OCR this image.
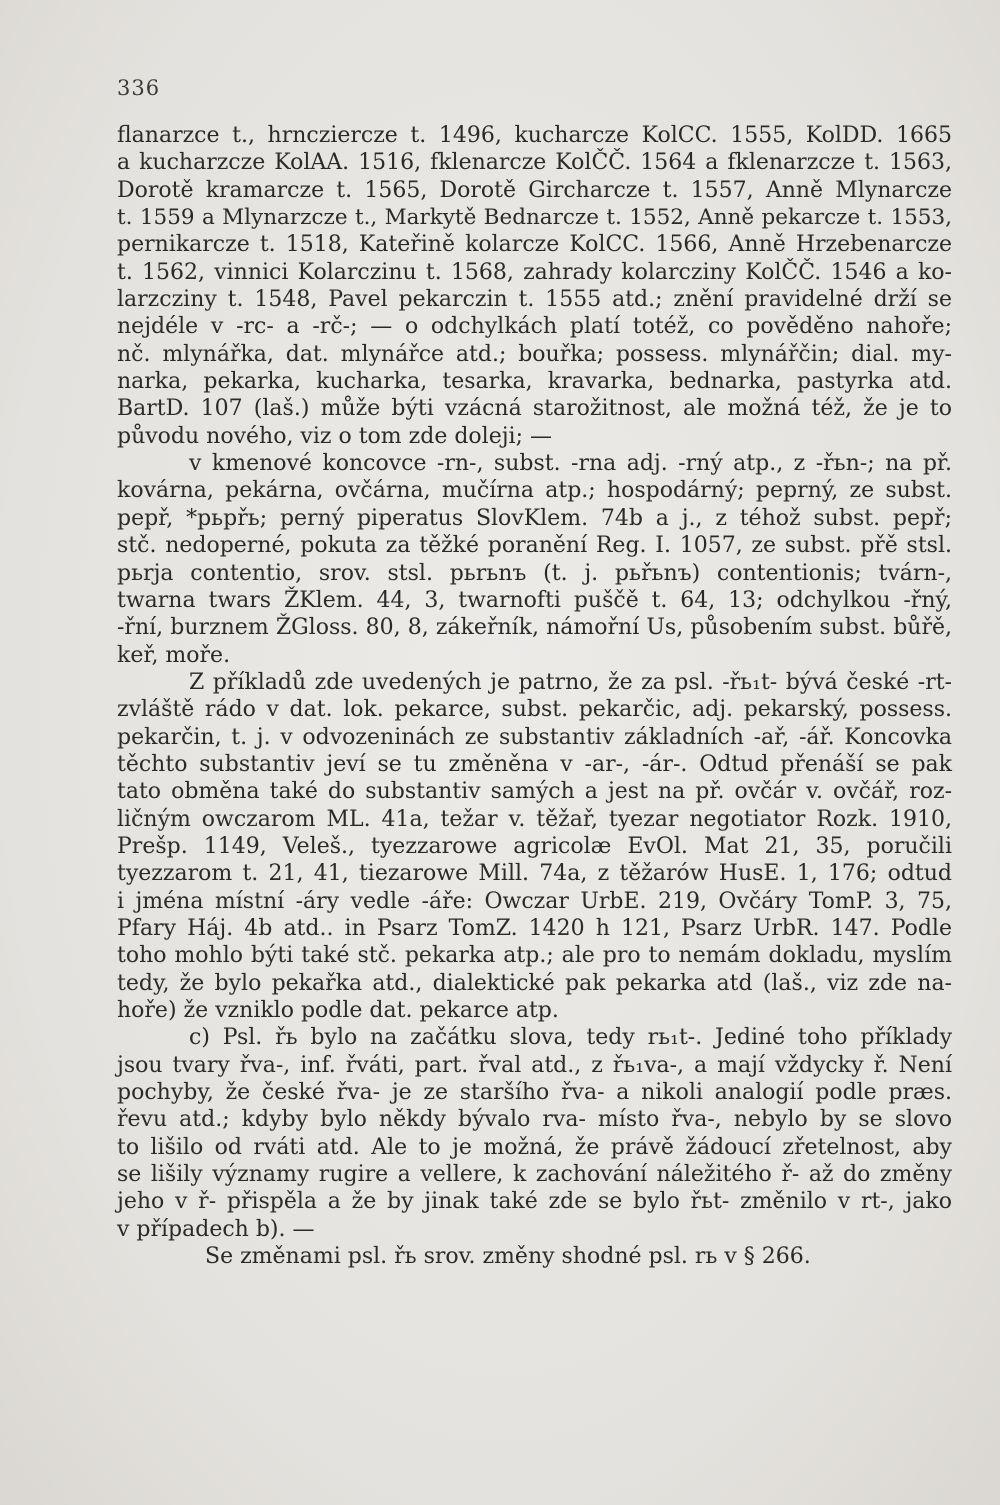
336
flanarzce t., hrncziercze t. 1496, kucharcze KolCC. 1555, KolDD. 1665
a kucharzcze KolAA. 1516, fklenarcze KolČČ. 1564 a fklenarzcze t. 1563,
Dorotě kramarcze t. 1565, Dorotě Gircharcze t. 1557, Anně Mlynarcze
t. 1559 a Mlynarzcze t., Markytě Bednarcze t. 1552, Anně pekarcze t. 1553,
pernikarcze t. 1518, Kateřině kolarcze KolCC. 1566, Anně Hrzebenarcze
t. 1562, vinnici Kolarczinu t. 1568, zahrady kolarcziny KolČČ. 1546 a ko-
larzcziny t. 1548, Pavel pekarczin t. 1555 atd.; znění pravidelné drží se
nejdéle v -rc- a -rč-; — o odchylkách platí totéž, co pověděno nahoře;
nč. mlynářka, dat. mlynářce atd.; bouřka; possess. mlynářčin; dial. my-
narka, pekarka, kucharka, tesarka, kravarka, bednarka, pastyrka atd.
BartD. 107 (laš.) může býti vzácná starožitnost, ale možná též, že je to
původu nového, viz o tom zde doleji; —
v kmenové koncovce -rn-, subst. -rna adj. -rný atp., z -řьn-; na př.
kovárna, pekárna, ovčárna, mučírna atp.; hospodárný; peprný, ze subst.
pepř, *pьpřь; perný piperatus SlovKlem. 74b a j., z téhož subst. pepř;
stč. nedoperné, pokuta za těžké poranění Reg. I. 1057, ze subst. přě stsl.
pьrja contentio, srov. stsl. pьrьnъ (t. j. pьřьnъ) contentionis; tvárn-,
twarna twars ŽKlem. 44, 3, twarnofti puščě t. 64, 13; odchylkou -řný,
-řní, burznem ŽGloss. 80, 8, zákeřník, námořní Us, působením subst. bůřě,
keř, moře.
Z příkladů zde uvedených je patrno, že za psl. -řь₁t- bývá české -rt-
zvláště rádo v dat. lok. pekarce, subst. pekarčic, adj. pekarský, possess.
pekarčin, t. j. v odvozeninách ze substantiv základních -ař, -ář. Koncovka
těchto substantiv jeví se tu změněna v -ar-, -ár-. Odtud přenáší se pak
tato obměna také do substantiv samých a jest na př. ovčár v. ovčář, roz-
ličným owczarom ML. 41a, težar v. těžař, tyezar negotiator Rozk. 1910,
Prešp. 1149, Veleš., tyezzarowe agricolæ EvOl. Mat 21, 35, poručili
tyezzarom t. 21, 41, tiezarowe Mill. 74a, z těžarów HusE. 1, 176; odtud
i jména místní -áry vedle -áře: Owczar UrbE. 219, Ovčáry TomP. 3, 75,
Pfary Háj. 4b atd.. in Psarz TomZ. 1420 h 121, Psarz UrbR. 147. Podle
toho mohlo býti také stč. pekarka atp.; ale pro to nemám dokladu, myslím
tedy, že bylo pekařka atd., dialektické pak pekarka atd (laš., viz zde na-
hoře) že vzniklo podle dat. pekarce atp.
c) Psl. řь bylo na začátku slova, tedy rь₁t-. Jediné toho příklady
jsou tvary řva-, inf. řváti, part. řval atd., z řь₁va-, a mají vždycky ř. Není
pochyby, že české řva- je ze staršího řva- a nikoli analogií podle præs.
řevu atd.; kdyby bylo někdy bývalo rva- místo řva-, nebylo by se slovo
to lišilo od rváti atd. Ale to je možná, že právě žádoucí zřetelnost, aby
se lišily významy rugire a vellere, k zachování náležitého ř- až do změny
jeho v ř- přispěla a že by jinak také zde se bylo řьt- změnilo v rt-, jako
v případech b). —
Se změnami psl. řь srov. změny shodné psl. rь v § 266.
